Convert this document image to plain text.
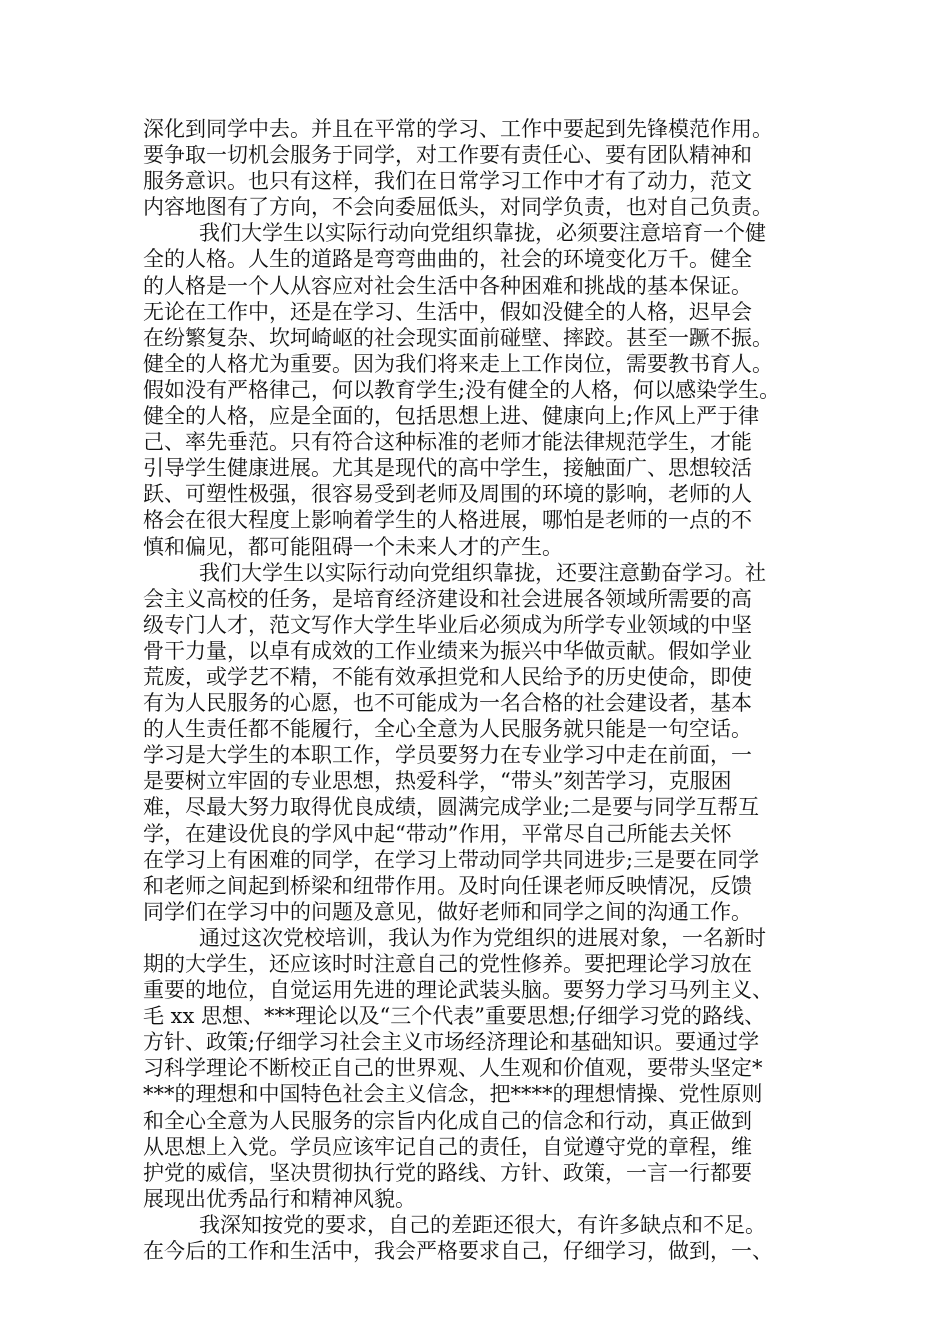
深化到同学中去。并且在平常的学习、工作中要起到先锋模范作用。
要争取一切机会服务于同学，对工作要有责任心、要有团队精神和
服务意识。也只有这样，我们在日常学习工作中才有了动力，范文
内容地图有了方向，不会向委屈低头，对同学负责，也对自己负责。
我们大学生以实际行动向党组织靠拢，必须要注意培育一个健
全的人格。人生的道路是弯弯曲曲的，社会的环境变化万千。健全
的人格是一个人从容应对社会生活中各种困难和挑战的基本保证。
无论在工作中，还是在学习、生活中，假如没健全的人格，迟早会
在纷繁复杂、坎坷崎岖的社会现实面前碰壁、摔跤。甚至一蹶不振。
健全的人格尤为重要。因为我们将来走上工作岗位，需要教书育人。
假如没有严格律己，何以教育学生;没有健全的人格，何以感染学生。
健全的人格，应是全面的，包括思想上进、健康向上;作风上严于律
己、率先垂范。只有符合这种标准的老师才能法律规范学生，才能
引导学生健康进展。尤其是现代的高中学生，接触面广、思想较活
跃、可塑性极强，很容易受到老师及周围的环境的影响，老师的人
格会在很大程度上影响着学生的人格进展，哪怕是老师的一点的不
慎和偏见，都可能阻碍一个未来人才的产生。
我们大学生以实际行动向党组织靠拢，还要注意勤奋学习。社
会主义高校的任务，是培育经济建设和社会进展各领域所需要的高
级专门人才，范文写作大学生毕业后必须成为所学专业领域的中坚
骨干力量，以卓有成效的工作业绩来为振兴中华做贡献。假如学业
荒废，或学艺不精，不能有效承担党和人民给予的历史使命，即使
有为人民服务的心愿，也不可能成为一名合格的社会建设者，基本
的人生责任都不能履行，全心全意为人民服务就只能是一句空话。
学习是大学生的本职工作，学员要努力在专业学习中走在前面，一
是要树立牢固的专业思想，热爱科学，“带头”刻苦学习，克服困
难，尽最大努力取得优良成绩，圆满完成学业;二是要与同学互帮互
学，在建设优良的学风中起“带动”作用，平常尽自己所能去关怀
在学习上有困难的同学，在学习上带动同学共同进步;三是要在同学
和老师之间起到桥梁和纽带作用。及时向任课老师反映情况，反馈
同学们在学习中的问题及意见，做好老师和同学之间的沟通工作。
通过这次党校培训，我认为作为党组织的进展对象，一名新时
期的大学生，还应该时时注意自己的党性修养。要把理论学习放在
重要的地位，自觉运用先进的理论武装头脑。要努力学习马列主义、
毛 xx 思想、***理论以及“三个代表”重要思想;仔细学习党的路线、
方针、政策;仔细学习社会主义市场经济理论和基础知识。要通过学
习科学理论不断校正自己的世界观、人生观和价值观，要带头坚定*
***的理想和中国特色社会主义信念，把****的理想情操、党性原则
和全心全意为人民服务的宗旨内化成自己的信念和行动，真正做到
从思想上入党。学员应该牢记自己的责任，自觉遵守党的章程，维
护党的威信，坚决贯彻执行党的路线、方针、政策，一言一行都要
展现出优秀品行和精神风貌。
我深知按党的要求，自己的差距还很大，有许多缺点和不足。
在今后的工作和生活中，我会严格要求自己，仔细学习，做到，一、
